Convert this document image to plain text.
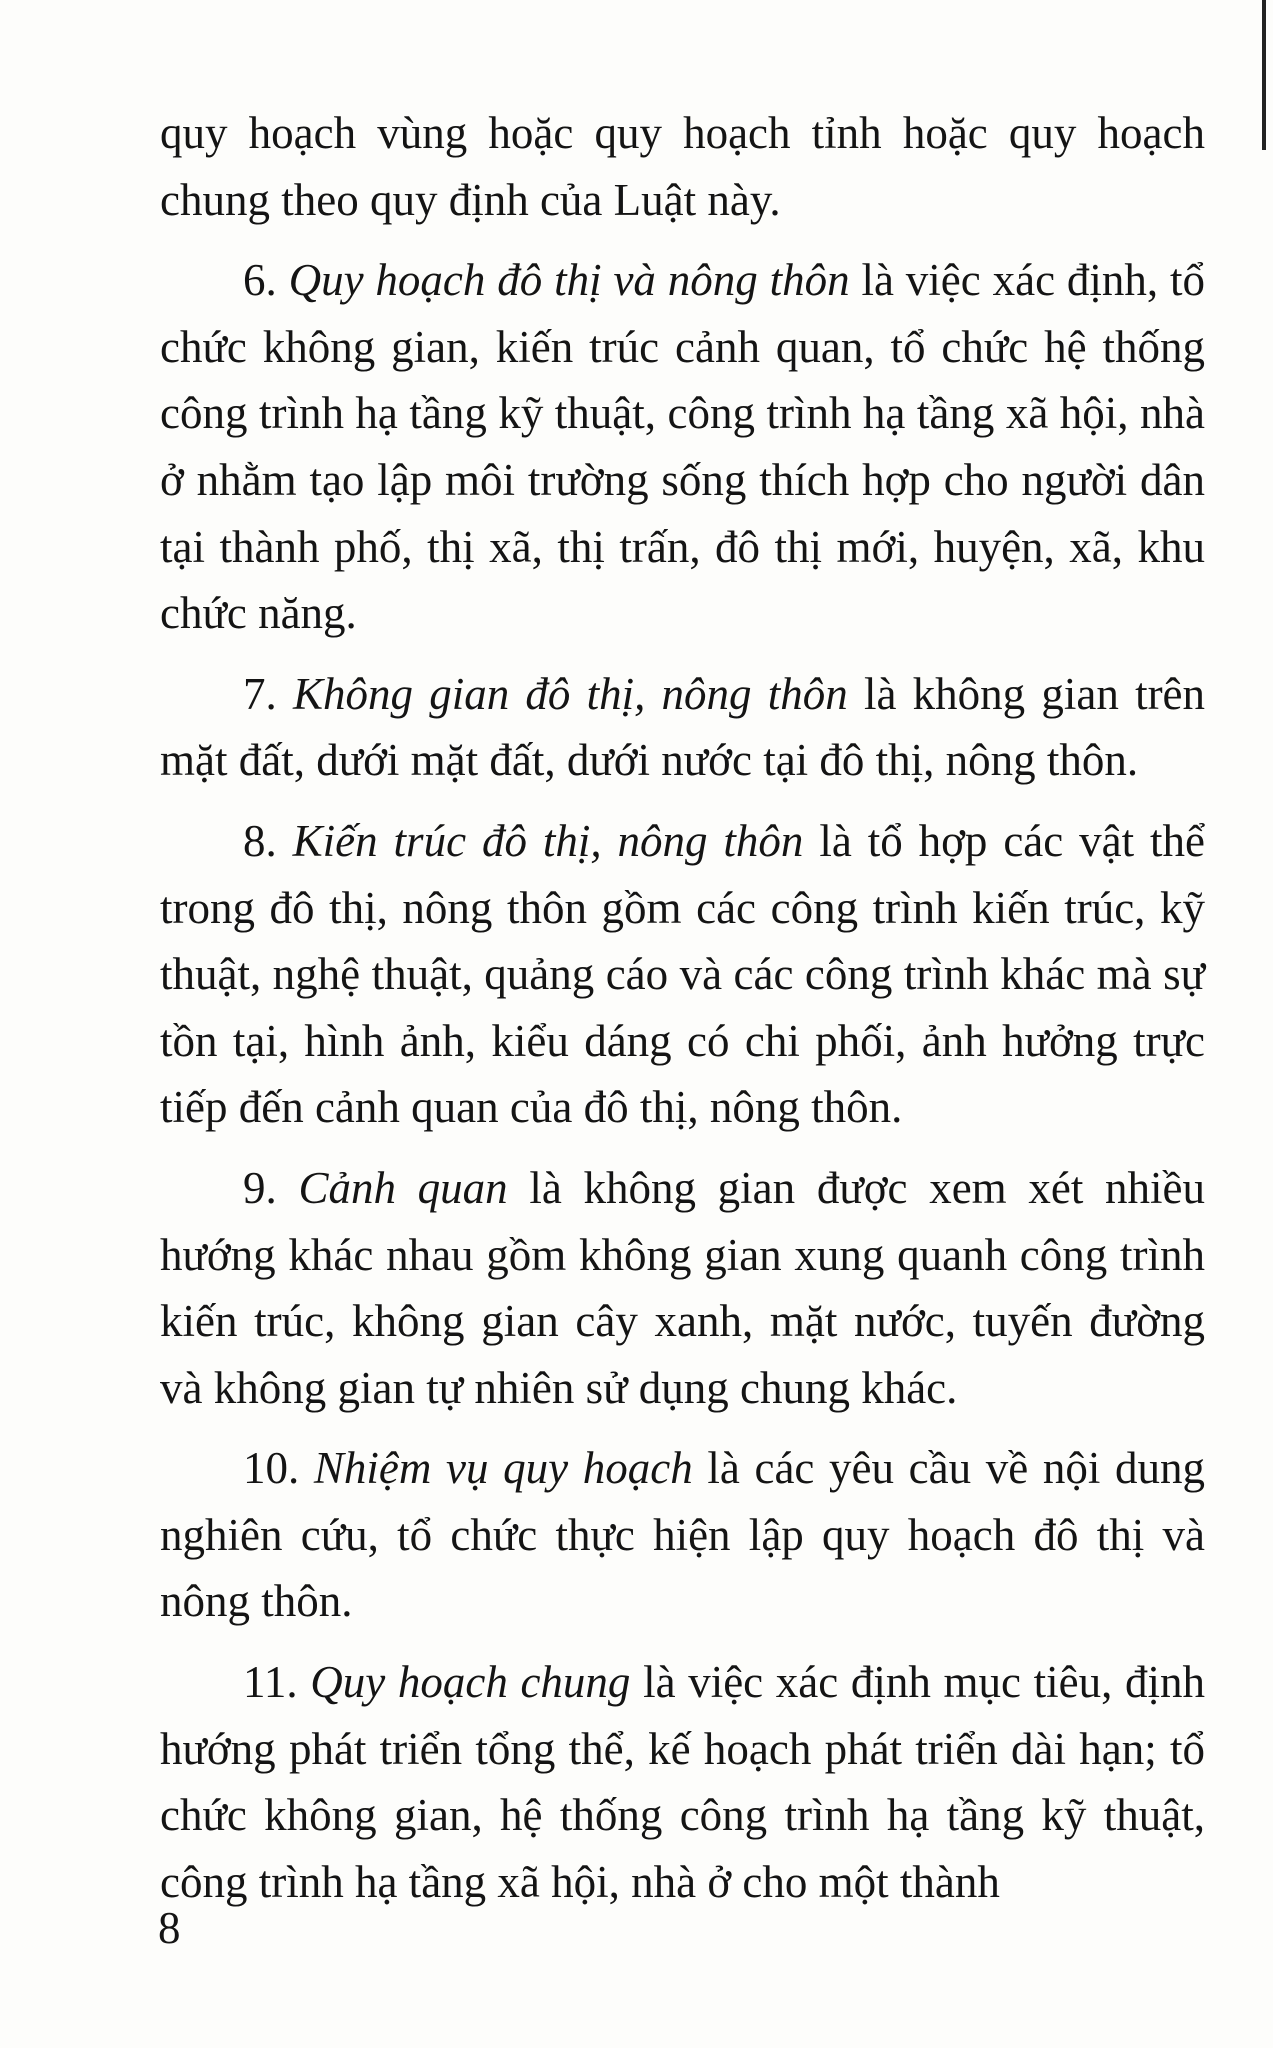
quy hoạch vùng hoặc quy hoạch tỉnh hoặc quy hoạch chung theo quy định của Luật này.

6. Quy hoạch đô thị và nông thôn là việc xác định, tổ chức không gian, kiến trúc cảnh quan, tổ chức hệ thống công trình hạ tầng kỹ thuật, công trình hạ tầng xã hội, nhà ở nhằm tạo lập môi trường sống thích hợp cho người dân tại thành phố, thị xã, thị trấn, đô thị mới, huyện, xã, khu chức năng.

7. Không gian đô thị, nông thôn là không gian trên mặt đất, dưới mặt đất, dưới nước tại đô thị, nông thôn.

8. Kiến trúc đô thị, nông thôn là tổ hợp các vật thể trong đô thị, nông thôn gồm các công trình kiến trúc, kỹ thuật, nghệ thuật, quảng cáo và các công trình khác mà sự tồn tại, hình ảnh, kiểu dáng có chi phối, ảnh hưởng trực tiếp đến cảnh quan của đô thị, nông thôn.

9. Cảnh quan là không gian được xem xét nhiều hướng khác nhau gồm không gian xung quanh công trình kiến trúc, không gian cây xanh, mặt nước, tuyến đường và không gian tự nhiên sử dụng chung khác.

10. Nhiệm vụ quy hoạch là các yêu cầu về nội dung nghiên cứu, tổ chức thực hiện lập quy hoạch đô thị và nông thôn.

11. Quy hoạch chung là việc xác định mục tiêu, định hướng phát triển tổng thể, kế hoạch phát triển dài hạn; tổ chức không gian, hệ thống công trình hạ tầng kỹ thuật, công trình hạ tầng xã hội, nhà ở cho một thành

8
